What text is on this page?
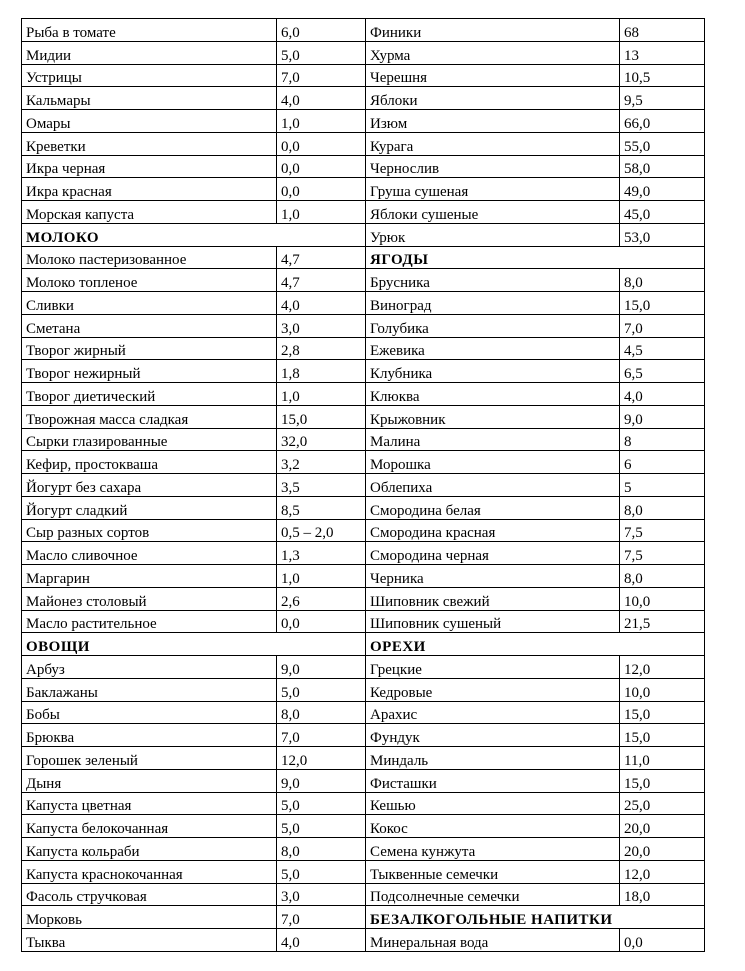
Рыба в томате	6,0	Финики	68
Мидии	5,0	Хурма	13
Устрицы	7,0	Черешня	10,5
Кальмары	4,0	Яблоки	9,5
Омары	1,0	Изюм	66,0
Креветки	0,0	Курага	55,0
Икра черная	0,0	Чернослив	58,0
Икра красная	0,0	Груша сушеная	49,0
Морская капуста	1,0	Яблоки сушеные	45,0
МОЛОКО		Урюк	53,0
Молоко пастеризованное	4,7	ЯГОДЫ	
Молоко топленое	4,7	Брусника	8,0
Сливки	4,0	Виноград	15,0
Сметана	3,0	Голубика	7,0
Творог жирный	2,8	Ежевика	4,5
Творог нежирный	1,8	Клубника	6,5
Творог диетический	1,0	Клюква	4,0
Творожная масса сладкая	15,0	Крыжовник	9,0
Сырки глазированные	32,0	Малина	8
Кефир, простокваша	3,2	Морошка	6
Йогурт без сахара	3,5	Облепиха	5
Йогурт сладкий	8,5	Смородина белая	8,0
Сыр разных сортов	0,5 – 2,0	Смородина красная	7,5
Масло сливочное	1,3	Смородина черная	7,5
Маргарин	1,0	Черника	8,0
Майонез столовый	2,6	Шиповник свежий	10,0
Масло растительное	0,0	Шиповник сушеный	21,5
ОВОЩИ		ОРЕХИ	
Арбуз	9,0	Грецкие	12,0
Баклажаны	5,0	Кедровые	10,0
Бобы	8,0	Арахис	15,0
Брюква	7,0	Фундук	15,0
Горошек зеленый	12,0	Миндаль	11,0
Дыня	9,0	Фисташки	15,0
Капуста цветная	5,0	Кешью	25,0
Капуста белокочанная	5,0	Кокос	20,0
Капуста кольраби	8,0	Семена кунжута	20,0
Капуста краснокочанная	5,0	Тыквенные семечки	12,0
Фасоль стручковая	3,0	Подсолнечные семечки	18,0
Морковь	7,0	БЕЗАЛКОГОЛЬНЫЕ НАПИТКИ	
Тыква	4,0	Минеральная вода	0,0
